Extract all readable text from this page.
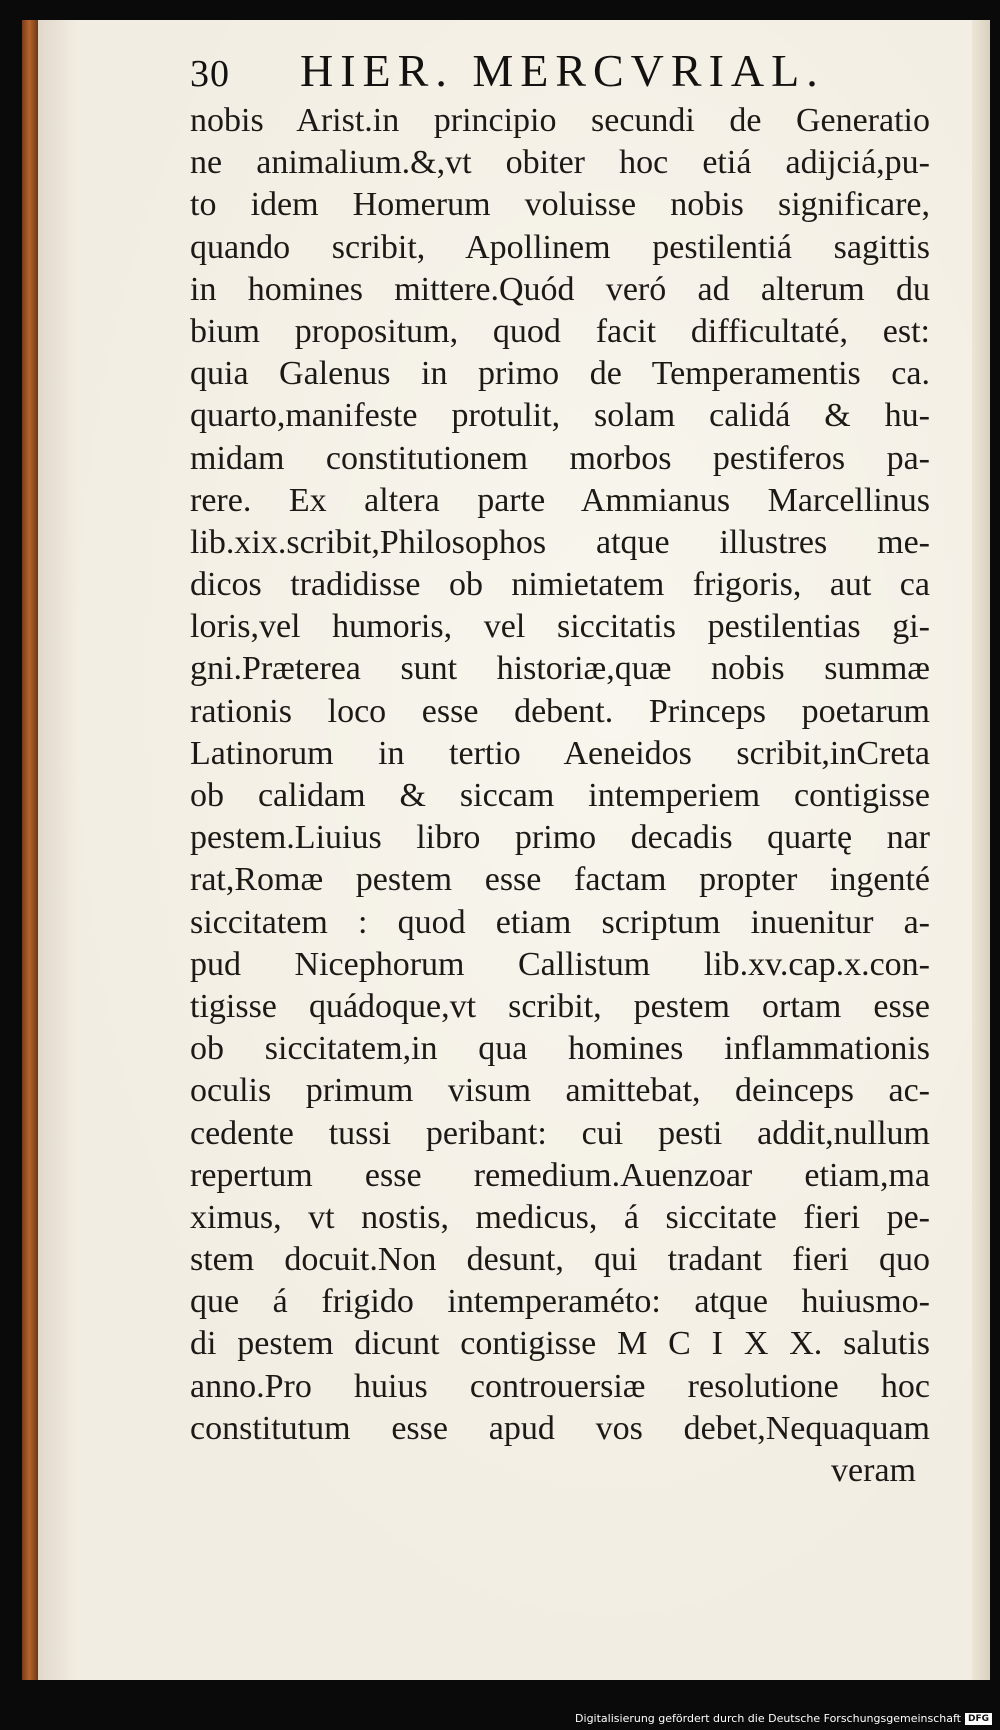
30 HIER. MERCVRIAL.
nobis Arist.in principio secundi de Generatio
ne animalium.&,vt obiter hoc etiá adijciá,pu-
to idem Homerum voluisse nobis significare,
quando scribit, Apollinem pestilentiá sagittis
in homines mittere.Quód veró ad alterum du
bium propositum, quod facit difficultaté, est:
quia Galenus in primo de Temperamentis ca.
quarto,manifeste protulit, solam calidá & hu-
midam constitutionem morbos pestiferos pa-
rere. Ex altera parte Ammianus Marcellinus
lib.xix.scribit,Philosophos atque illustres me-
dicos tradidisse ob nimietatem frigoris, aut ca
loris,vel humoris, vel siccitatis pestilentias gi-
gni.Præterea sunt historiæ,quæ nobis summæ
rationis loco esse debent. Princeps poetarum
Latinorum in tertio Aeneidos scribit,inCreta
ob calidam & siccam intemperiem contigisse
pestem.Liuius libro primo decadis quartę nar
rat,Romæ pestem esse factam propter ingenté
siccitatem : quod etiam scriptum inuenitur a-
pud Nicephorum Callistum lib.xv.cap.x.con-
tigisse quádoque,vt scribit, pestem ortam esse
ob siccitatem,in qua homines inflammationis
oculis primum visum amittebat, deinceps ac-
cedente tussi peribant: cui pesti addit,nullum
repertum esse remedium.Auenzoar etiam,ma
ximus, vt nostis, medicus, á siccitate fieri pe-
stem docuit.Non desunt, qui tradant fieri quo
que á frigido intemperaméto: atque huiusmo-
di pestem dicunt contigisse M C I X X. salutis
anno.Pro huius controuersiæ resolutione hoc
constitutum esse apud vos debet,Nequaquam
veram
Digitalisierung gefördert durch die Deutsche Forschungsgemeinschaft DFG
